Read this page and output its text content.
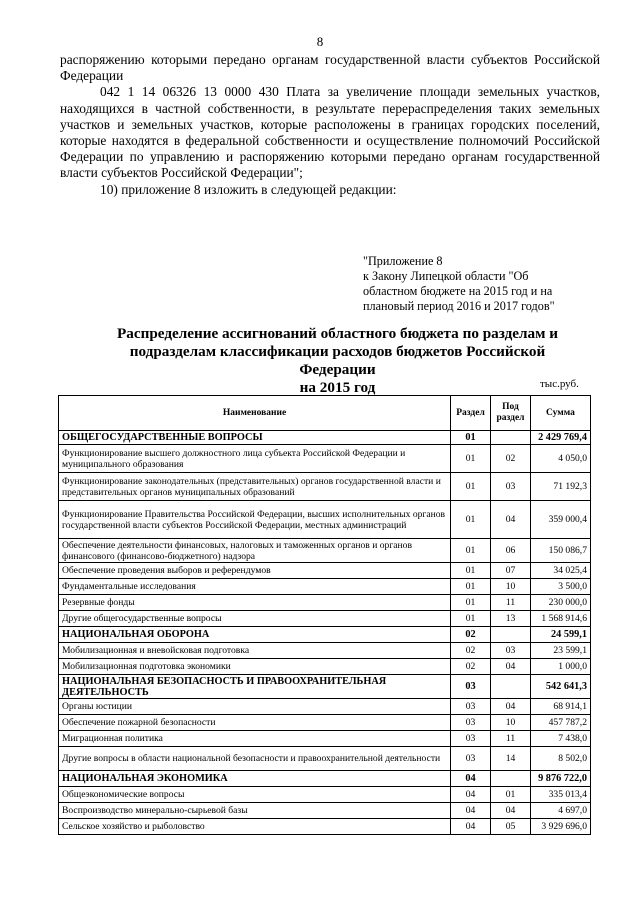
8

распоряжению которыми передано органам государственной власти субъектов Российской Федерации

042 1 14 06326 13 0000 430 Плата за увеличение площади земельных участков, находящихся в частной собственности, в результате перераспределения таких земельных участков и земельных участков, которые расположены в границах городских поселений, которые находятся в федеральной собственности и осуществление полномочий Российской Федерации по управлению и распоряжению которыми передано органам государственной власти субъектов Российской Федерации";

10) приложение 8 изложить в следующей редакции:

"Приложение 8
к Закону Липецкой области "Об
областном бюджете на 2015 год и на
плановый период 2016 и 2017 годов"
Распределение ассигнований областного бюджета по разделам и
подразделам классификации расходов бюджетов Российской Федерации
на 2015 год	тыс.руб.
Наименование	Раздел	Под раздел	Сумма
ОБЩЕГОСУДАРСТВЕННЫЕ ВОПРОСЫ	01		2 429 769,4
Функционирование высшего должностного лица субъекта Российской Федерации и муниципального образования	01	02	4 050,0
Функционирование законодательных (представительных) органов государственной власти и представительных органов муниципальных образований	01	03	71 192,3
Функционирование Правительства Российской Федерации, высших исполнительных органов государственной власти субъектов Российской Федерации, местных администраций	01	04	359 000,4
Обеспечение деятельности финансовых, налоговых и таможенных органов и органов финансового (финансово-бюджетного) надзора	01	06	150 086,7
Обеспечение проведения выборов и референдумов	01	07	34 025,4
Фундаментальные исследования	01	10	3 500,0
Резервные фонды	01	11	230 000,0
Другие общегосударственные вопросы	01	13	1 568 914,6
НАЦИОНАЛЬНАЯ ОБОРОНА	02		24 599,1
Мобилизационная и вневойсковая подготовка	02	03	23 599,1
Мобилизационная подготовка экономики	02	04	1 000,0
НАЦИОНАЛЬНАЯ БЕЗОПАСНОСТЬ И ПРАВООХРАНИТЕЛЬНАЯ ДЕЯТЕЛЬНОСТЬ	03		542 641,3
Органы юстиции	03	04	68 914,1
Обеспечение пожарной безопасности	03	10	457 787,2
Миграционная политика	03	11	7 438,0
Другие вопросы в области национальной безопасности и правоохранительной деятельности	03	14	8 502,0
НАЦИОНАЛЬНАЯ ЭКОНОМИКА	04		9 876 722,0
Общеэкономические вопросы	04	01	335 013,4
Воспроизводство минерально-сырьевой базы	04	04	4 697,0
Сельское хозяйство и рыболовство	04	05	3 929 696,0
